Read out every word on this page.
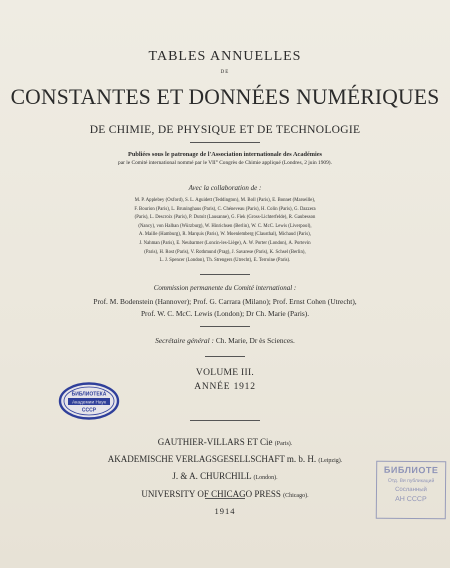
TABLES ANNUELLES
DE
CONSTANTES ET DONNÉES NUMÉRIQUES
DE CHIMIE, DE PHYSIQUE ET DE TECHNOLOGIE
Publiées sous le patronage de l'Association internationale des Académies
par le Comité international nommé par le VII° Congrès de Chimie appliqué (Londres, 2 juin 1909).
Avec la collaboration de :
M. P. Applebey (Oxford), S. L. Aguidett (Teddington), M. Boll (Paris), E. Bonnet (Marseille),
F. Bourion (Paris), L. Bruninghaus (Paris), C. Chéneveau (Paris), H. Colin (Paris), G. Dazzera
(Paris), L. Descroix (Paris), P. Dutoit (Lausanne), G. Fiek (Gross-Lichterfelde), R. Gaubesson
(Nancy), von Halban (Würzburg), W. Hinrichsen (Berlin), W. C. McC. Lewis (Liverpool),
A. Maille (Hamburg), R. Marquis (Paris), W. Moenlemberg (Clausthal), Michaud (Paris),
J. Nahman (Paris), E. Neubarmer (Loncin-les-Liège), A. W. Porter (London), A. Portevin
(Paris), H. Rost (Paris), V. Rothmund (Prag), J. Savarese (Paris), K. Schsel (Berlin),
L. J. Spencer (London), Th. Strengers (Utrecht), E. Terroine (Paris).
Commission permanente du Comité international :
Prof. M. Bodenstein (Hannover); Prof. G. Carrara (Milano); Prof. Ernst Cohen (Utrecht),
Prof. W. C. McC. Lewis (London); Dr Ch. Marie (Paris).
Secrétaire général : Ch. Marie, Dr ès Sciences.
VOLUME III.
ANNÉE 1912
GAUTHIER-VILLARS ET Cie (Paris).
AKADEMISCHE VERLAGSGESELLSCHAFT m. b. H. (Leipzig).
J. & A. CHURCHILL (London).
UNIVERSITY OF CHICAGO PRESS (Chicago).
1914
БИБЛИОТЕКА
Академии Наук
СССР
БИБЛИОТЕ
Отд. Ви публикаций
Сосланный
АН СССР
